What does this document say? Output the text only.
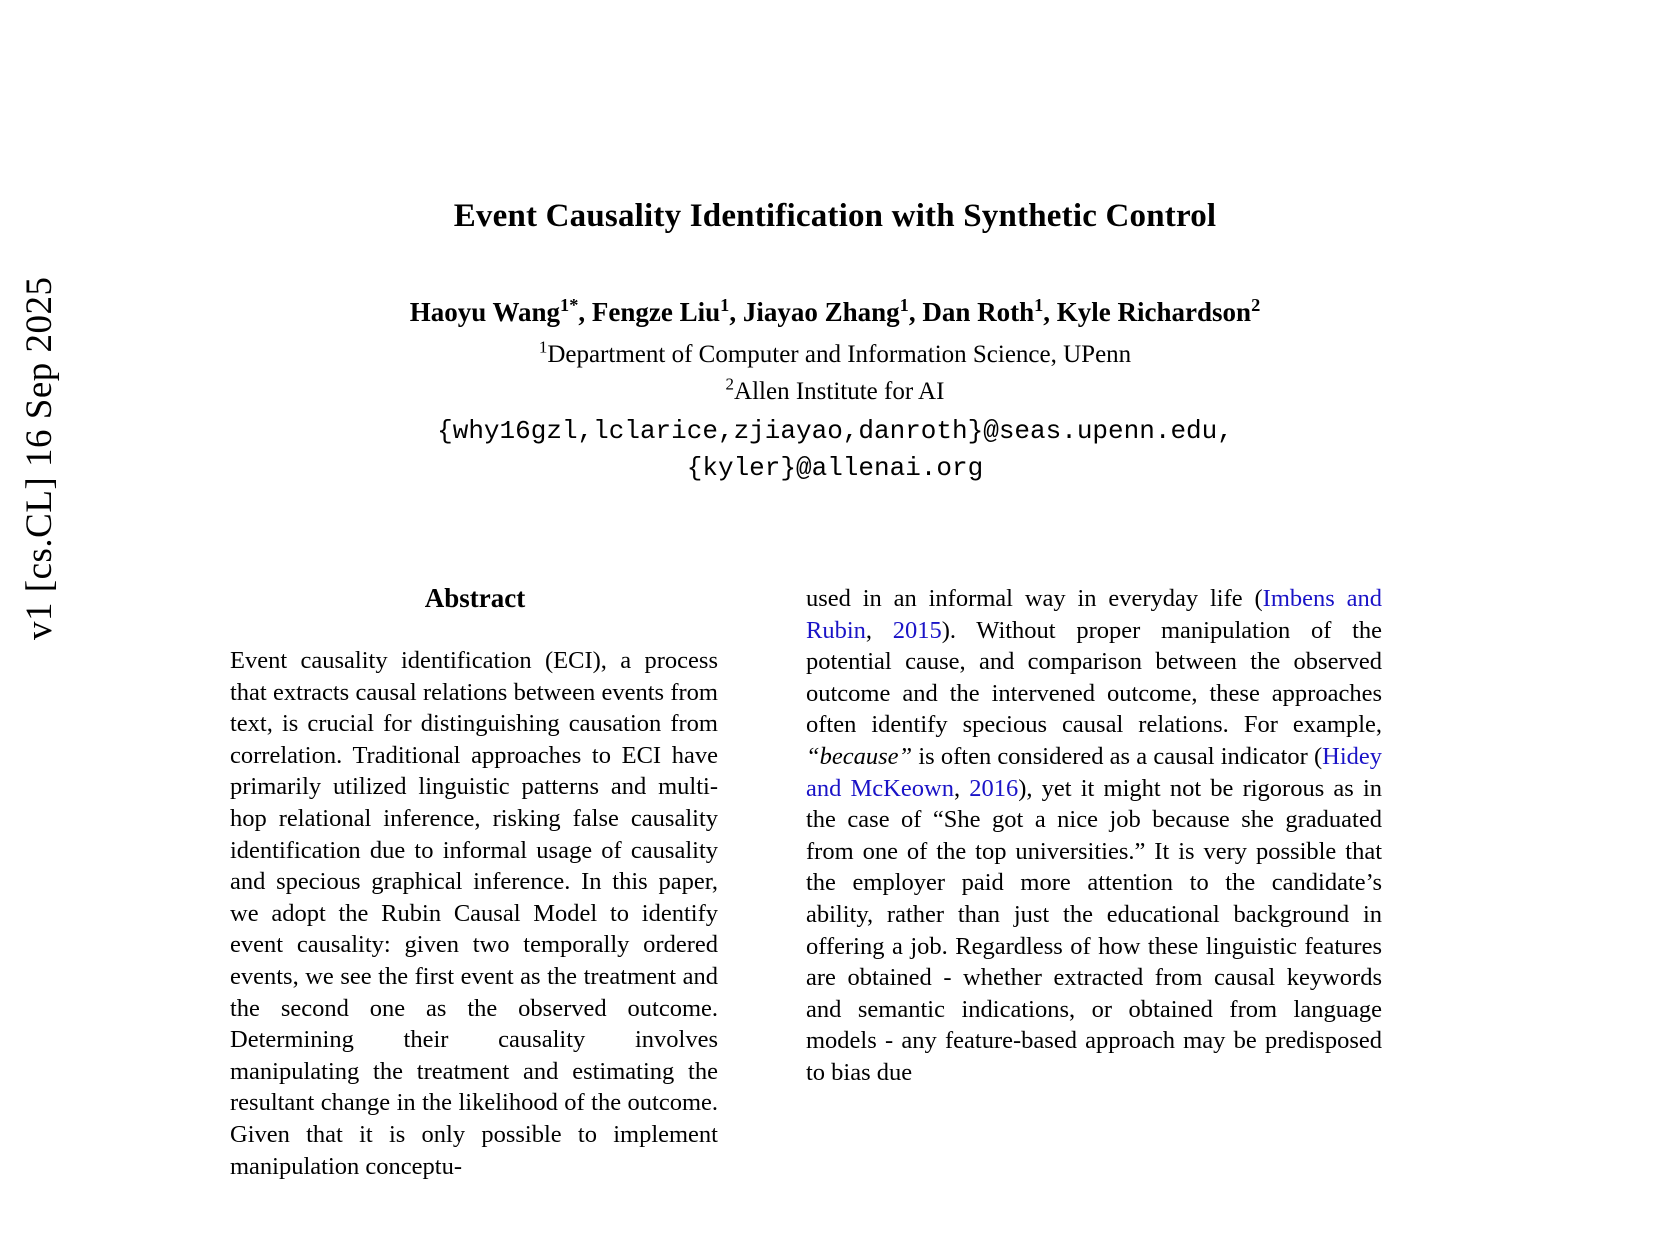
v1 [cs.CL] 16 Sep 2025
Event Causality Identification with Synthetic Control
Haoyu Wang$^{1*}$, Fengze Liu$^1$, Jiayao Zhang$^1$, Dan Roth$^1$, Kyle Richardson$^2$
$^1$Department of Computer and Information Science, UPenn
$^2$Allen Institute for AI
{why16gzl,lclarice,zjiayao,danroth}@seas.upenn.edu,
{kyler}@allenai.org
Abstract

Event causality identification (ECI), a process that extracts causal relations between events from text, is crucial for distinguishing causation from correlation. Traditional approaches to ECI have primarily utilized linguistic patterns and multi-hop relational inference, risking false causality identification due to informal usage of causality and specious graphical inference. In this paper, we adopt the Rubin Causal Model to identify event causality: given two temporally ordered events, we see the first event as the treatment and the second one as the observed outcome. Determining their causality involves manipulating the treatment and estimating the resultant change in the likelihood of the outcome. Given that it is only possible to implement manipulation conceptu-

used in an informal way in everyday life (Imbens and Rubin, 2015). Without proper manipulation of the potential cause, and comparison between the observed outcome and the intervened outcome, these approaches often identify specious causal relations. For example, “because” is often considered as a causal indicator (Hidey and McKeown, 2016), yet it might not be rigorous as in the case of “She got a nice job because she graduated from one of the top universities.” It is very possible that the employer paid more attention to the candidate’s ability, rather than just the educational background in offering a job. Regardless of how these linguistic features are obtained - whether extracted from causal keywords and semantic indications, or obtained from language models - any feature-based approach may be predisposed to bias due
